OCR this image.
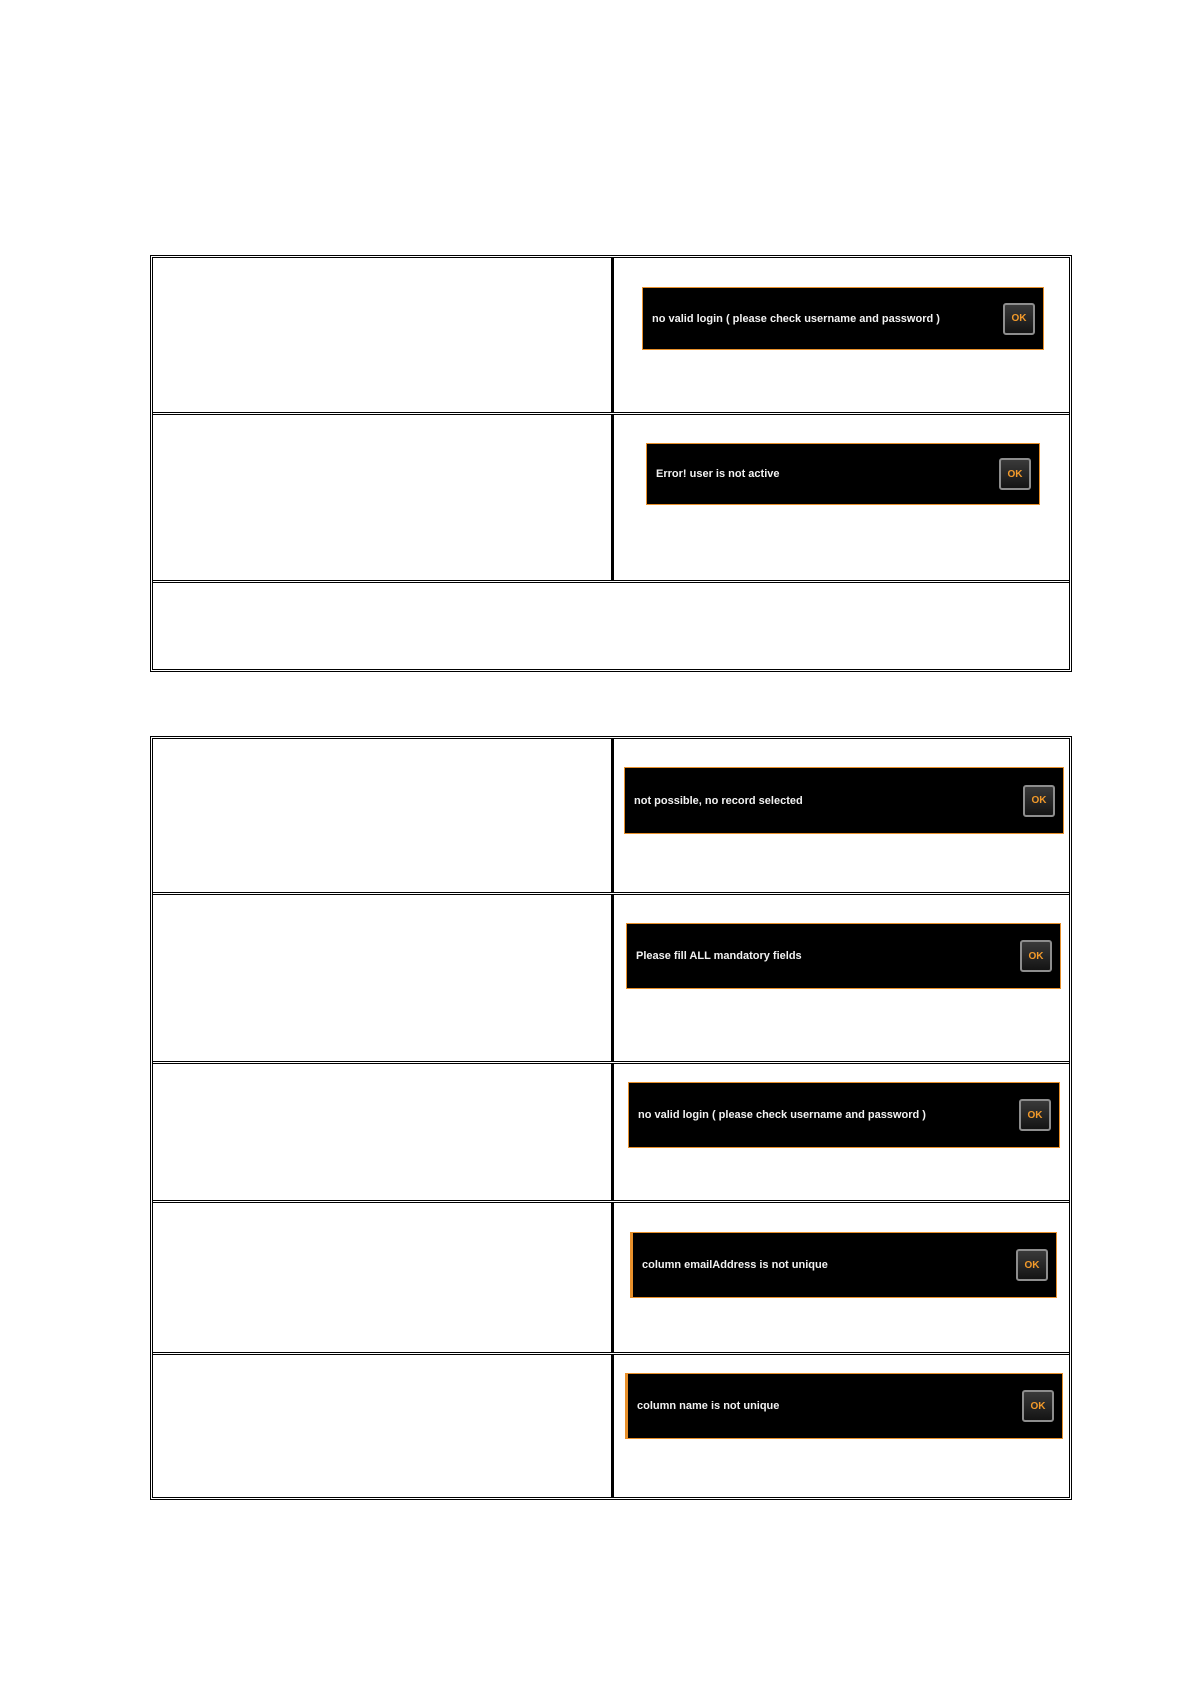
no valid login ( please check username and password )	OK
Error! user is not active	OK
not possible, no record selected	OK
Please fill ALL mandatory fields	OK
no valid login ( please check username and password )	OK
column emailAddress is not unique	OK
column name is not unique	OK
